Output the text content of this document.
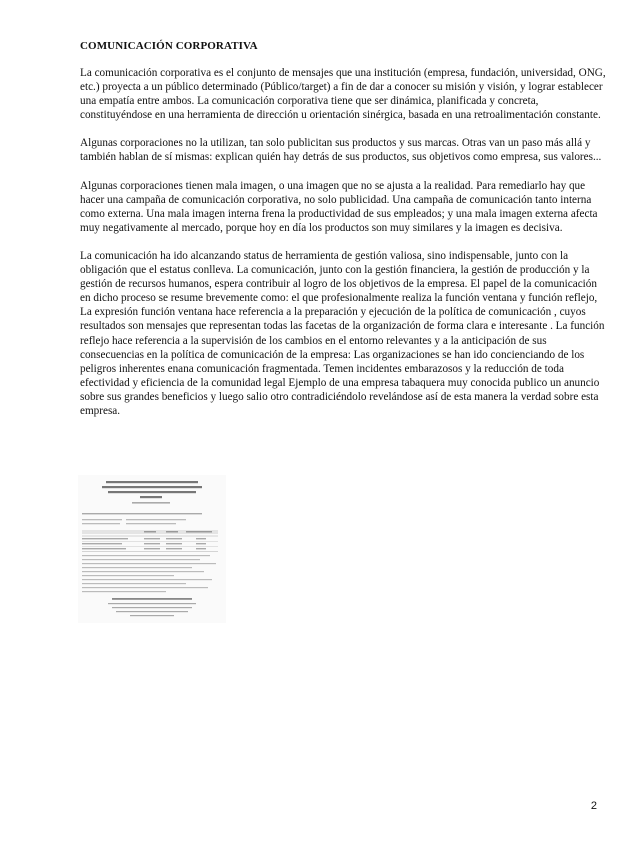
COMUNICACIÓN CORPORATIVA

La comunicación corporativa es el conjunto de mensajes que una institución (empresa, fundación, universidad, ONG, etc.) proyecta a un público determinado (Público/target) a fin de dar a conocer su misión y visión, y lograr establecer una empatía entre ambos. La comunicación corporativa tiene que ser dinámica, planificada y concreta, constituyéndose en una herramienta de dirección u orientación sinérgica, basada en una retroalimentación constante.

Algunas corporaciones no la utilizan, tan solo publicitan sus productos y sus marcas. Otras van un paso más allá y también hablan de sí mismas: explican quién hay detrás de sus productos, sus objetivos como empresa, sus valores...

Algunas corporaciones tienen mala imagen, o una imagen que no se ajusta a la realidad. Para remediarlo hay que hacer una campaña de comunicación corporativa, no solo publicidad. Una campaña de comunicación tanto interna como externa. Una mala imagen interna frena la productividad de sus empleados; y una mala imagen externa afecta muy negativamente al mercado, porque hoy en día los productos son muy similares y la imagen es decisiva.

La comunicación ha ido alcanzando status de herramienta de gestión valiosa, sino indispensable, junto con la obligación que el estatus conlleva. La comunicación, junto con la gestión financiera, la gestión de producción y la gestión de recursos humanos, espera contribuir al logro de los objetivos de la empresa. El papel de la comunicación en dicho proceso se resume brevemente como: el que profesionalmente realiza la función ventana y función reflejo, La expresión función ventana hace referencia a la preparación y ejecución de la política de comunicación , cuyos resultados son mensajes que representan todas las facetas de la organización de forma clara e interesante . La función reflejo hace referencia a la supervisión de los cambios en el entorno relevantes y a la anticipación de sus consecuencias en la política de comunicación de la empresa: Las organizaciones se han ido concienciando de los peligros inherentes enana comunicación fragmentada. Temen incidentes embarazosos y la reducción de toda efectividad y eficiencia de la comunidad legal Ejemplo de una empresa tabaquera muy conocida publico un anuncio sobre sus grandes beneficios y luego salio otro contradiciéndolo revelándose así de esta manera la verdad sobre esta empresa.

2
